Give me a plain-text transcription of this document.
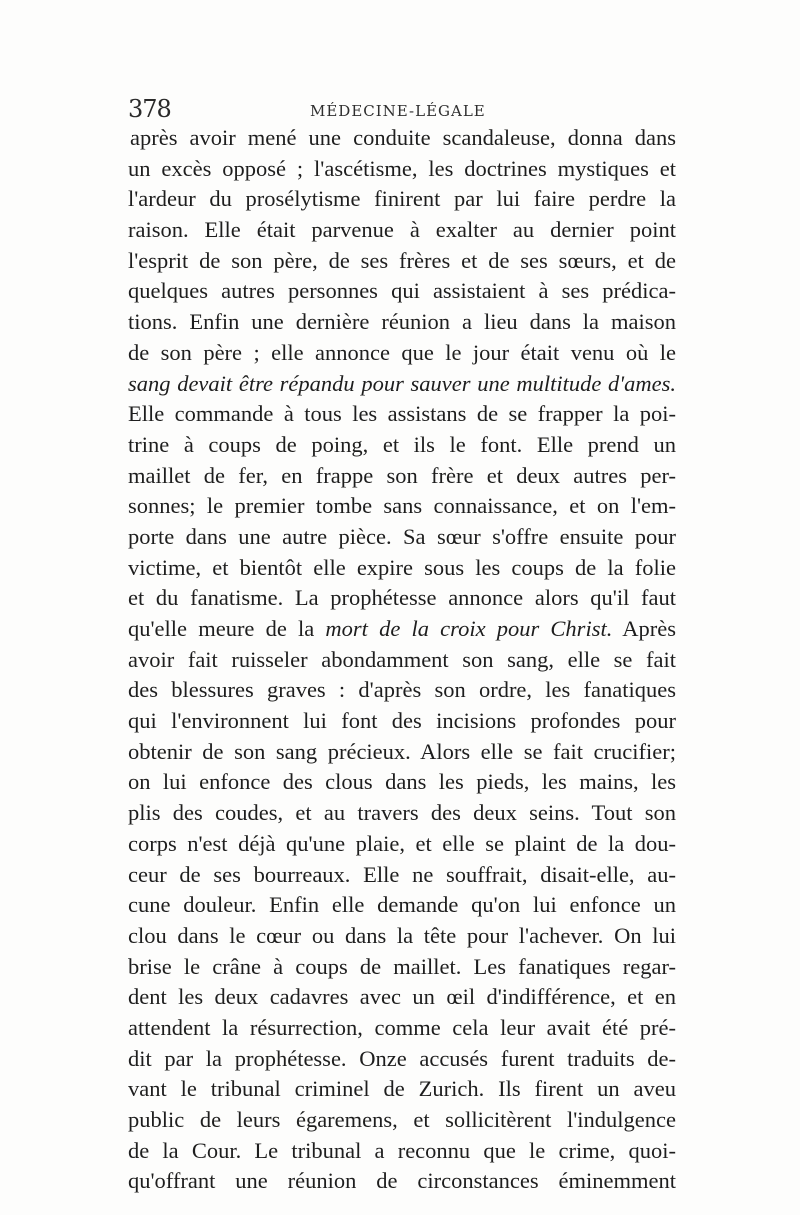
378	MÉDECINE-LÉGALE
après avoir mené une conduite scandaleuse, donna dans
un excès opposé ; l'ascétisme, les doctrines mystiques et
l'ardeur du prosélytisme finirent par lui faire perdre la
raison. Elle était parvenue à exalter au dernier point
l'esprit de son père, de ses frères et de ses sœurs, et de
quelques autres personnes qui assistaient à ses prédica-
tions. Enfin une dernière réunion a lieu dans la maison
de son père ; elle annonce que le jour était venu où le
sang devait être répandu pour sauver une multitude d'ames.
Elle commande à tous les assistans de se frapper la poi-
trine à coups de poing, et ils le font. Elle prend un
maillet de fer, en frappe son frère et deux autres per-
sonnes; le premier tombe sans connaissance, et on l'em-
porte dans une autre pièce. Sa sœur s'offre ensuite pour
victime, et bientôt elle expire sous les coups de la folie
et du fanatisme. La prophétesse annonce alors qu'il faut
qu'elle meure de la mort de la croix pour Christ. Après
avoir fait ruisseler abondamment son sang, elle se fait
des blessures graves : d'après son ordre, les fanatiques
qui l'environnent lui font des incisions profondes pour
obtenir de son sang précieux. Alors elle se fait crucifier;
on lui enfonce des clous dans les pieds, les mains, les
plis des coudes, et au travers des deux seins. Tout son
corps n'est déjà qu'une plaie, et elle se plaint de la dou-
ceur de ses bourreaux. Elle ne souffrait, disait-elle, au-
cune douleur. Enfin elle demande qu'on lui enfonce un
clou dans le cœur ou dans la tête pour l'achever. On lui
brise le crâne à coups de maillet. Les fanatiques regar-
dent les deux cadavres avec un œil d'indifférence, et en
attendent la résurrection, comme cela leur avait été pré-
dit par la prophétesse. Onze accusés furent traduits de-
vant le tribunal criminel de Zurich. Ils firent un aveu
public de leurs égaremens, et sollicitèrent l'indulgence
de la Cour. Le tribunal a reconnu que le crime, quoi-
qu'offrant une réunion de circonstances éminemment
